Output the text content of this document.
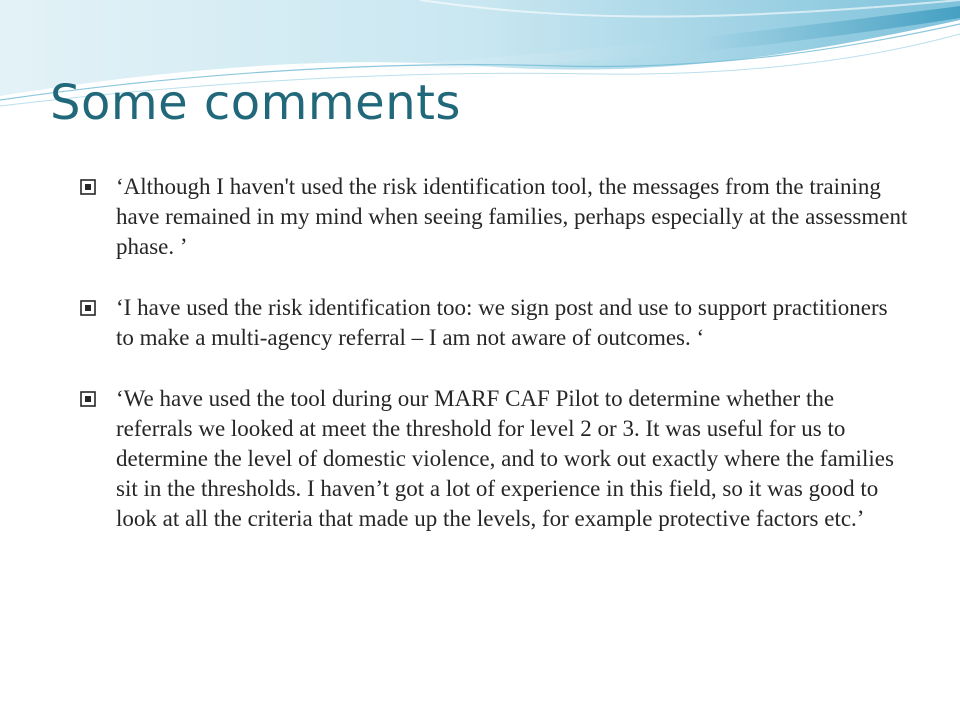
Some comments
‘Although I haven't used the risk identification tool, the messages from the training have remained in my mind when seeing families, perhaps especially at the assessment phase. ’
‘I have used the risk identification too: we sign post and use to support practitioners to make a multi-agency referral – I am not aware of outcomes. ‘
‘We have used the tool during our MARF CAF Pilot to determine whether the referrals we looked at meet the threshold for level 2 or 3. It was useful for us to determine the level of domestic violence, and to work out exactly where the families sit in the thresholds. I haven’t got a lot of experience in this field, so it was good to look at all the criteria that made up the levels, for example protective factors etc.’
